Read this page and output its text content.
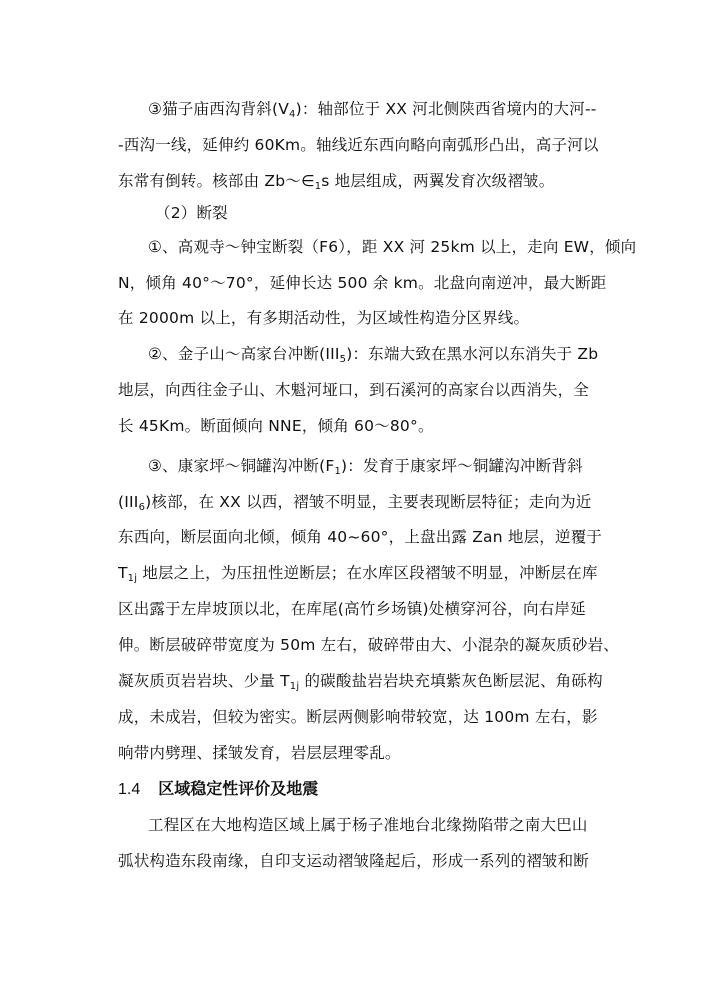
③猫子庙西沟背斜$(V_4)$：轴部位于 XX 河北侧陕西省境内的大河--
-西沟一线，延伸约 60Km。轴线近东西向略向南弧形凸出，高子河以
东常有倒转。核部由 $Zb\sim\in_1s$ 地层组成，两翼发育次级褶皱。
（2）断裂
①、高观寺～钟宝断裂（F6），距 XX 河 25km 以上，走向 EW，倾向
N，倾角 40°～70°，延伸长达 500 余 km。北盘向南逆冲，最大断距
在 2000m 以上，有多期活动性，为区域性构造分区界线。
②、金子山～高家台冲断$(III_5)$：东端大致在黑水河以东消失于 Zb
地层，向西往金子山、木魁河垭口，到石溪河的高家台以西消失，全
长 45Km。断面倾向 NNE，倾角 60～80°。
③、康家坪～铜罐沟冲断$(F_1)$：发育于康家坪～铜罐沟冲断背斜
$(III_6)$核部，在 XX 以西，褶皱不明显，主要表现断层特征；走向为近
东西向，断层面向北倾，倾角 40~60°，上盘出露 Zan 地层，逆覆于
$T_{1j}$ 地层之上，为压扭性逆断层；在水库区段褶皱不明显，冲断层在库
区出露于左岸坡顶以北，在库尾(高竹乡场镇)处横穿河谷，向右岸延
伸。断层破碎带宽度为 50m 左右，破碎带由大、小混杂的凝灰质砂岩、
凝灰质页岩岩块、少量 $T_{1j}$ 的碳酸盐岩岩块充填紫灰色断层泥、角砾构
成，未成岩，但较为密实。断层两侧影响带较宽，达 100m 左右，影
响带内劈理、揉皱发育，岩层层理零乱。
1.4 区域稳定性评价及地震
工程区在大地构造区域上属于杨子准地台北缘拗陷带之南大巴山
弧状构造东段南缘，自印支运动褶皱隆起后，形成一系列的褶皱和断
